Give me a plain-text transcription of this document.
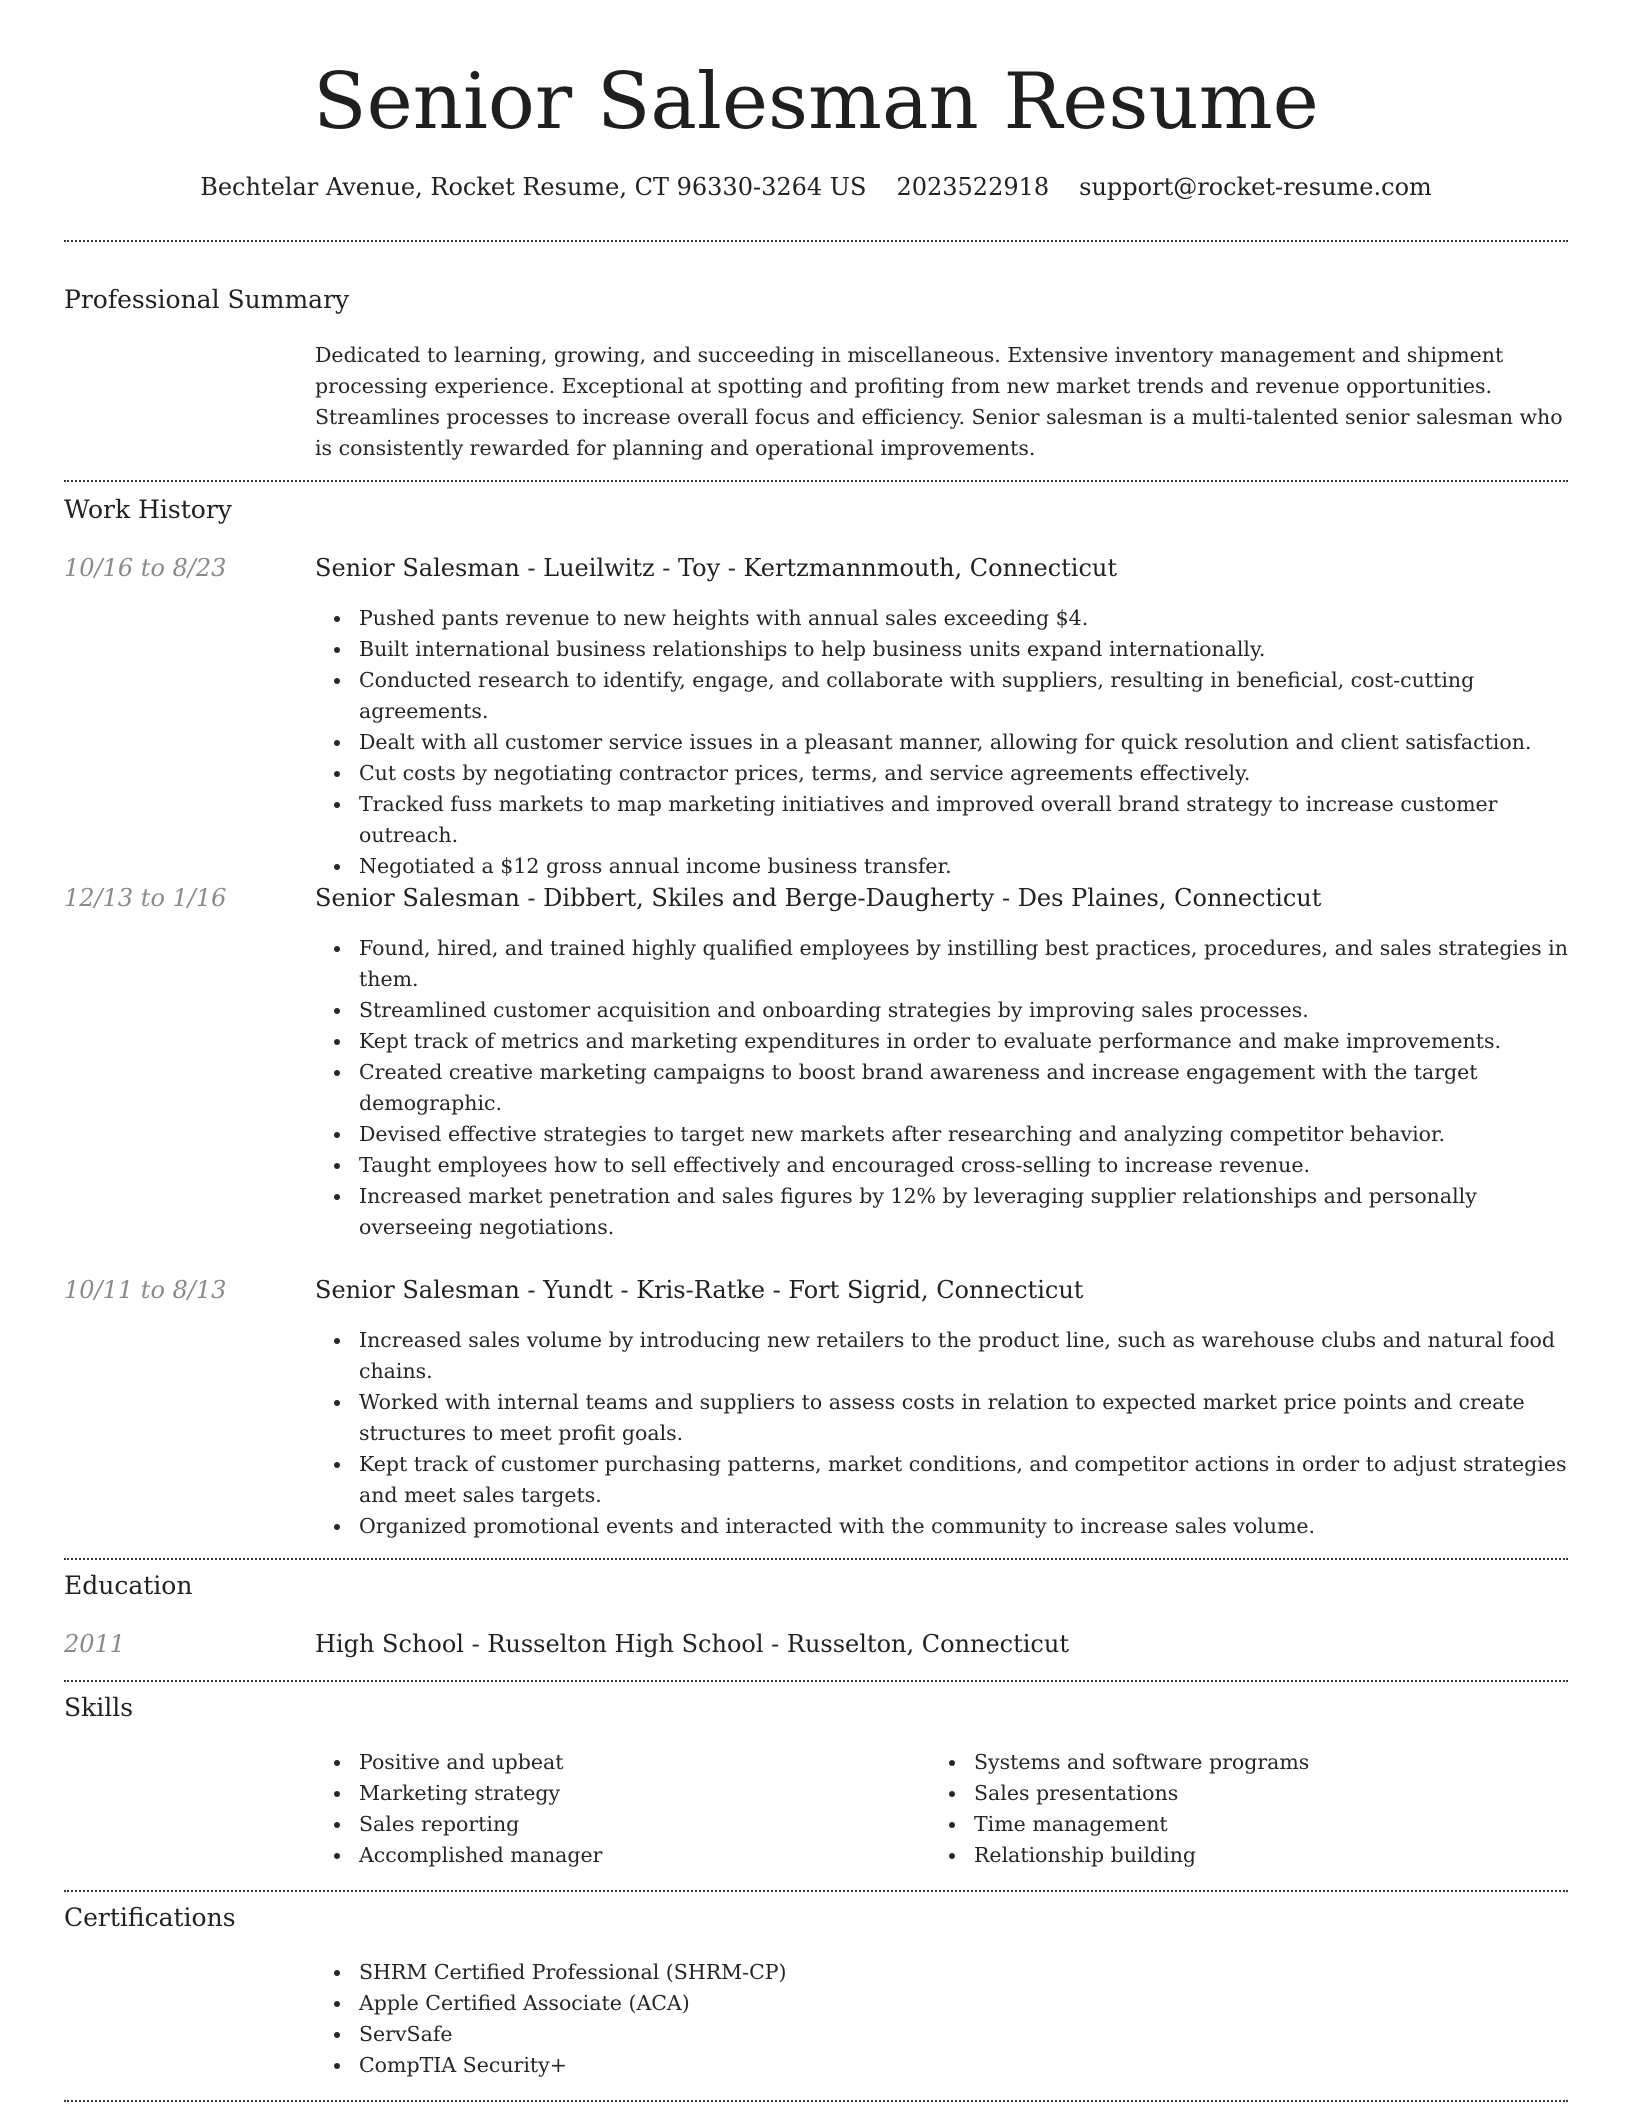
Senior Salesman Resume
Bechtelar Avenue, Rocket Resume, CT 96330-3264 US 2023522918 support@rocket-resume.com
Professional Summary
Dedicated to learning, growing, and succeeding in miscellaneous. Extensive inventory management and shipment processing experience. Exceptional at spotting and profiting from new market trends and revenue opportunities. Streamlines processes to increase overall focus and efficiency. Senior salesman is a multi-talented senior salesman who is consistently rewarded for planning and operational improvements.
Work History
10/16 to 8/23	Senior Salesman - Lueilwitz - Toy - Kertzmannmouth, Connecticut
Pushed pants revenue to new heights with annual sales exceeding $4.
Built international business relationships to help business units expand internationally.
Conducted research to identify, engage, and collaborate with suppliers, resulting in beneficial, cost-cutting agreements.
Dealt with all customer service issues in a pleasant manner, allowing for quick resolution and client satisfaction.
Cut costs by negotiating contractor prices, terms, and service agreements effectively.
Tracked fuss markets to map marketing initiatives and improved overall brand strategy to increase customer outreach.
Negotiated a $12 gross annual income business transfer.
12/13 to 1/16	Senior Salesman - Dibbert, Skiles and Berge-Daugherty - Des Plaines, Connecticut
Found, hired, and trained highly qualified employees by instilling best practices, procedures, and sales strategies in them.
Streamlined customer acquisition and onboarding strategies by improving sales processes.
Kept track of metrics and marketing expenditures in order to evaluate performance and make improvements.
Created creative marketing campaigns to boost brand awareness and increase engagement with the target demographic.
Devised effective strategies to target new markets after researching and analyzing competitor behavior.
Taught employees how to sell effectively and encouraged cross-selling to increase revenue.
Increased market penetration and sales figures by 12% by leveraging supplier relationships and personally overseeing negotiations.
10/11 to 8/13	Senior Salesman - Yundt - Kris-Ratke - Fort Sigrid, Connecticut
Increased sales volume by introducing new retailers to the product line, such as warehouse clubs and natural food chains.
Worked with internal teams and suppliers to assess costs in relation to expected market price points and create structures to meet profit goals.
Kept track of customer purchasing patterns, market conditions, and competitor actions in order to adjust strategies and meet sales targets.
Organized promotional events and interacted with the community to increase sales volume.
Education
2011	High School - Russelton High School - Russelton, Connecticut
Skills
Positive and upbeat
Marketing strategy
Sales reporting
Accomplished manager
Systems and software programs
Sales presentations
Time management
Relationship building
Certifications
SHRM Certified Professional (SHRM-CP)
Apple Certified Associate (ACA)
ServSafe
CompTIA Security+
